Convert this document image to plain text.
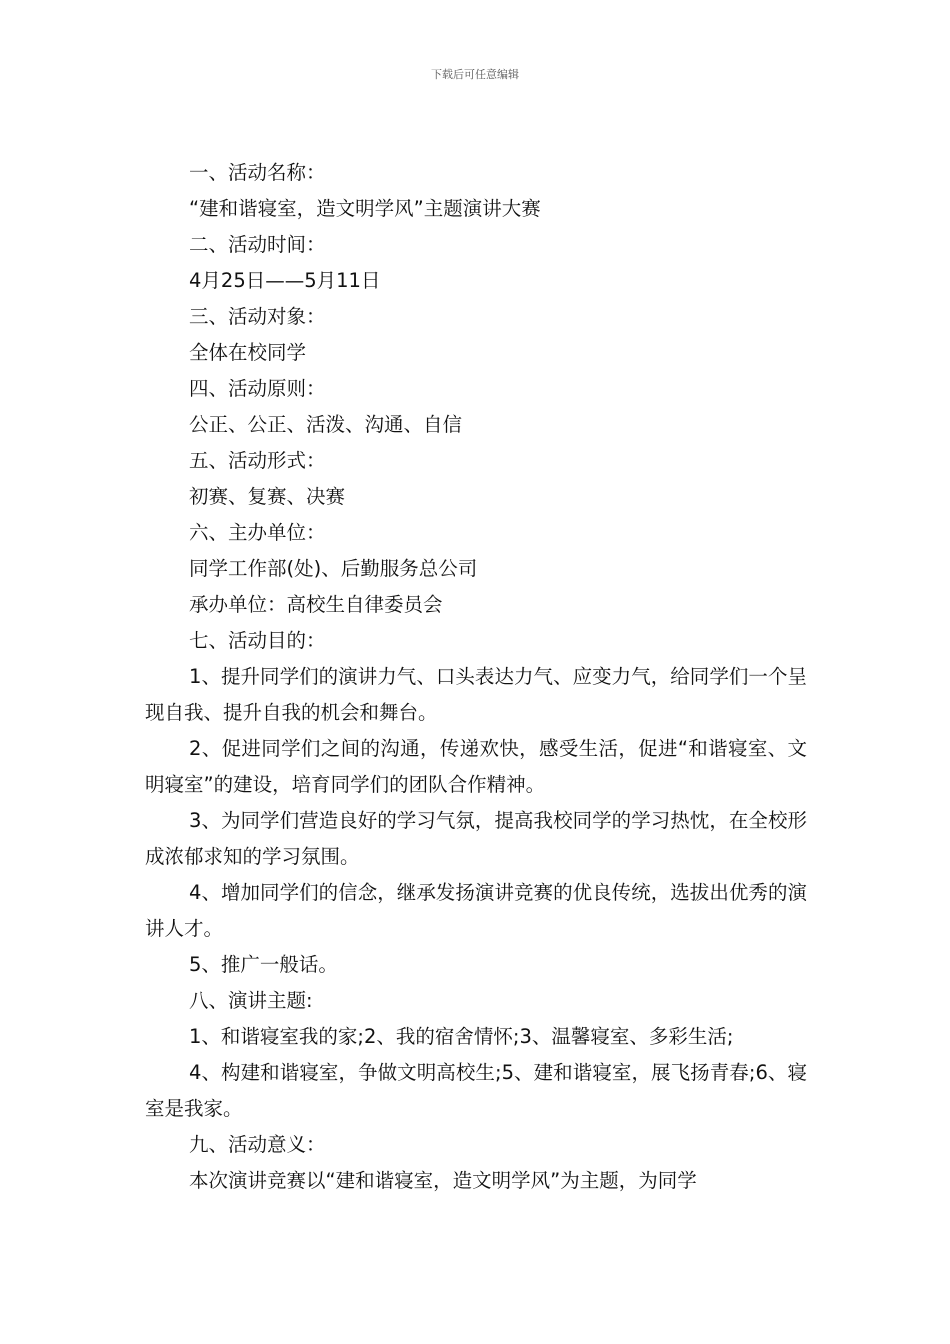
下载后可任意编辑

一、活动名称：

“建和谐寝室，造文明学风”主题演讲大赛

二、活动时间：

4月25日——5月11日

三、活动对象：

全体在校同学

四、活动原则：

公正、公正、活泼、沟通、自信

五、活动形式：

初赛、复赛、决赛

六、主办单位：

同学工作部(处)、后勤服务总公司

承办单位：高校生自律委员会

七、活动目的：

1、提升同学们的演讲力气、口头表达力气、应变力气，给同学们一个呈现自我、提升自我的机会和舞台。

2、促进同学们之间的沟通，传递欢快，感受生活，促进“和谐寝室、文明寝室”的建设，培育同学们的团队合作精神。

3、为同学们营造良好的学习气氛，提高我校同学的学习热忱，在全校形成浓郁求知的学习氛围。

4、增加同学们的信念，继承发扬演讲竞赛的优良传统，选拔出优秀的演讲人才。

5、推广一般话。

八、演讲主题:

1、和谐寝室我的家;2、我的宿舍情怀;3、温馨寝室、多彩生活;

4、构建和谐寝室，争做文明高校生;5、建和谐寝室，展飞扬青春;6、寝室是我家。

九、活动意义：

本次演讲竞赛以“建和谐寝室，造文明学风”为主题，为同学
